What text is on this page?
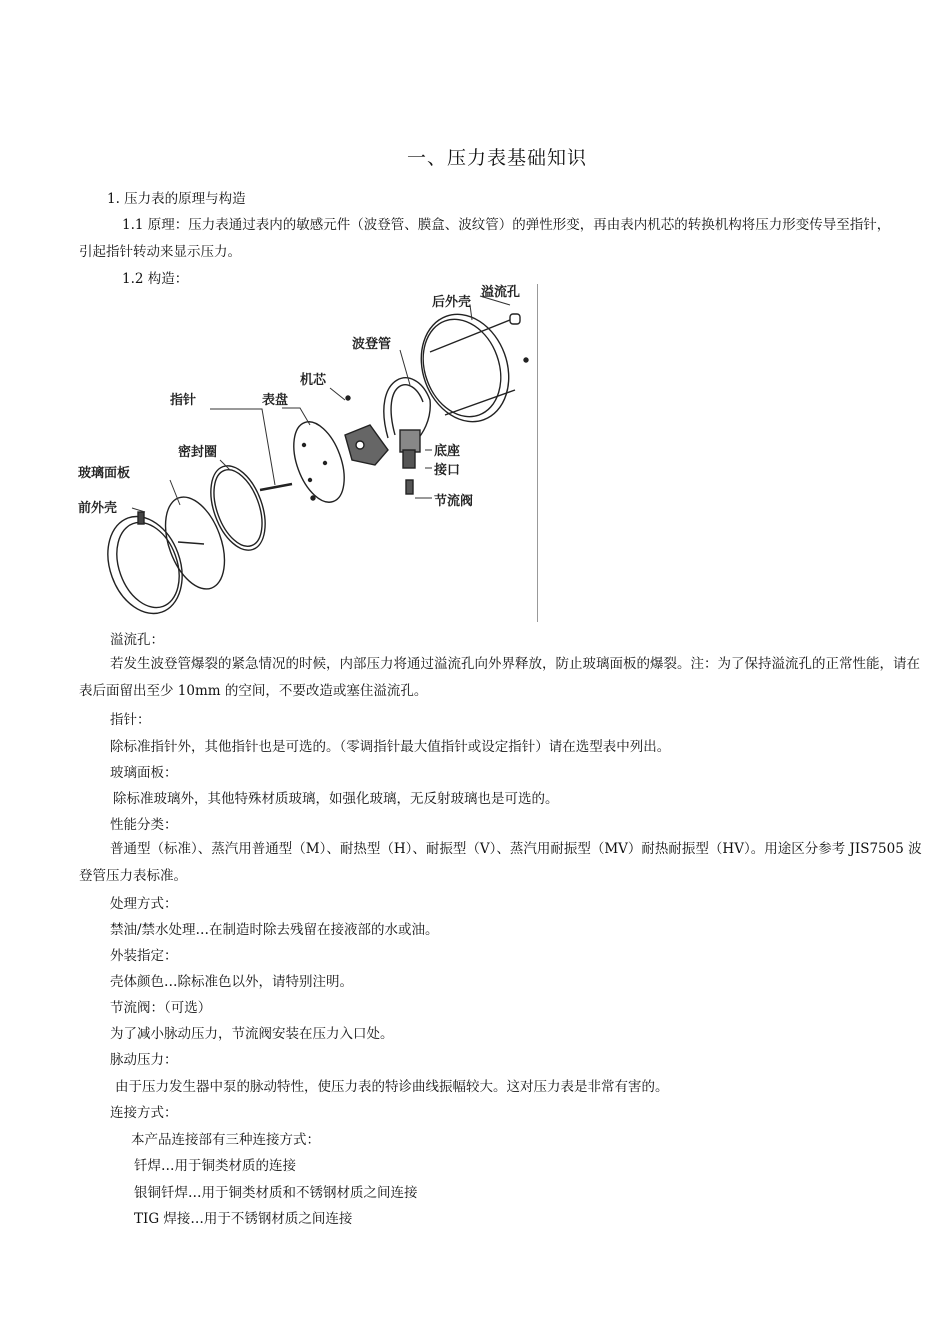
一、压力表基础知识
1. 压力表的原理与构造
1.1 原理：压力表通过表内的敏感元件（波登管、膜盒、波纹管）的弹性形变，再由表内机芯的转换机构将压力形变传导至指针，
引起指针转动来显示压力。
1.2 构造：
前外壳
玻璃面板
密封圈
指针	表盘
机芯
波登管
后外壳
溢流孔
底座
接口
节流阀
溢流孔：
若发生波登管爆裂的紧急情况的时候，内部压力将通过溢流孔向外界释放，防止玻璃面板的爆裂。注：为了保持溢流孔的正常性能，请在表后面留出至少 10mm 的空间，不要改造或塞住溢流孔。
指针：
除标准指针外，其他指针也是可选的。（零调指针最大值指针或设定指针）请在选型表中列出。
玻璃面板：
除标准玻璃外，其他特殊材质玻璃，如强化玻璃，无反射玻璃也是可选的。
性能分类：
普通型（标准）、蒸汽用普通型（M）、耐热型（H）、耐振型（V）、蒸汽用耐振型（MV）耐热耐振型（HV）。用途区分参考 JIS7505 波登管压力表标准。
处理方式：
禁油/禁水处理…在制造时除去残留在接液部的水或油。
外装指定：
壳体颜色…除标准色以外，请特别注明。
节流阀：（可选）
为了减小脉动压力，节流阀安装在压力入口处。
脉动压力：
由于压力发生器中泵的脉动特性，使压力表的特诊曲线振幅较大。这对压力表是非常有害的。
连接方式：
本产品连接部有三种连接方式：
钎焊…用于铜类材质的连接
银铜钎焊…用于铜类材质和不锈钢材质之间连接
TIG 焊接…用于不锈钢材质之间连接
